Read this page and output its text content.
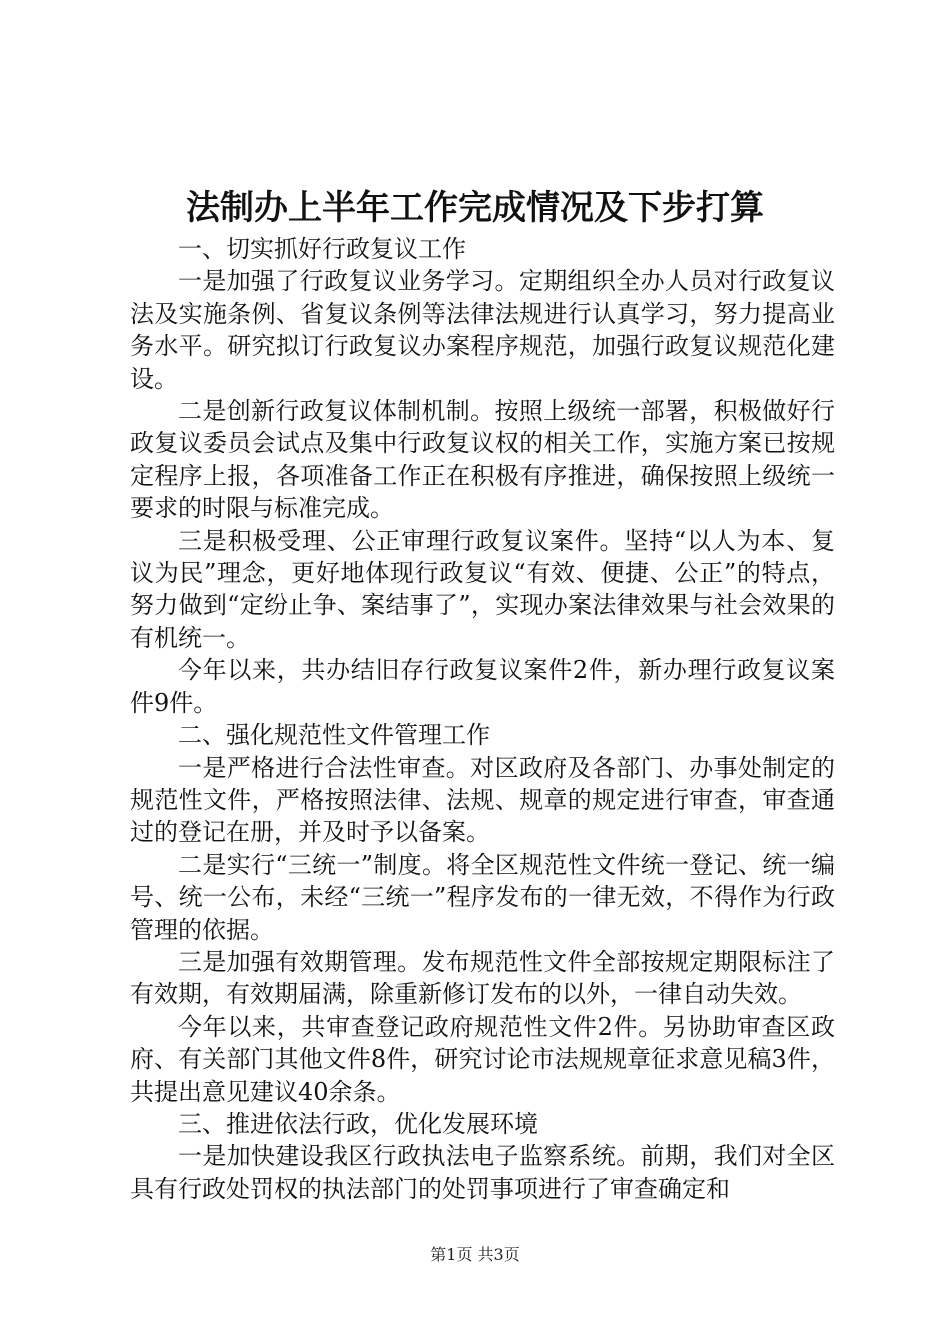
法制办上半年工作完成情况及下步打算

一、切实抓好行政复议工作

一是加强了行政复议业务学习。定期组织全办人员对行政复议法及实施条例、省复议条例等法律法规进行认真学习，努力提高业务水平。研究拟订行政复议办案程序规范，加强行政复议规范化建设。

二是创新行政复议体制机制。按照上级统一部署，积极做好行政复议委员会试点及集中行政复议权的相关工作，实施方案已按规定程序上报，各项准备工作正在积极有序推进，确保按照上级统一要求的时限与标准完成。

三是积极受理、公正审理行政复议案件。坚持“以人为本、复议为民”理念，更好地体现行政复议“有效、便捷、公正”的特点，努力做到“定纷止争、案结事了”，实现办案法律效果与社会效果的有机统一。

今年以来，共办结旧存行政复议案件2件，新办理行政复议案件9件。

二、强化规范性文件管理工作

一是严格进行合法性审查。对区政府及各部门、办事处制定的规范性文件，严格按照法律、法规、规章的规定进行审查，审查通过的登记在册，并及时予以备案。

二是实行“三统一”制度。将全区规范性文件统一登记、统一编号、统一公布，未经“三统一”程序发布的一律无效，不得作为行政管理的依据。

三是加强有效期管理。发布规范性文件全部按规定期限标注了有效期，有效期届满，除重新修订发布的以外，一律自动失效。

今年以来，共审查登记政府规范性文件2件。另协助审查区政府、有关部门其他文件8件，研究讨论市法规规章征求意见稿3件，共提出意见建议40余条。

三、推进依法行政，优化发展环境

一是加快建设我区行政执法电子监察系统。前期，我们对全区具有行政处罚权的执法部门的处罚事项进行了审查确定和

第1页 共3页
